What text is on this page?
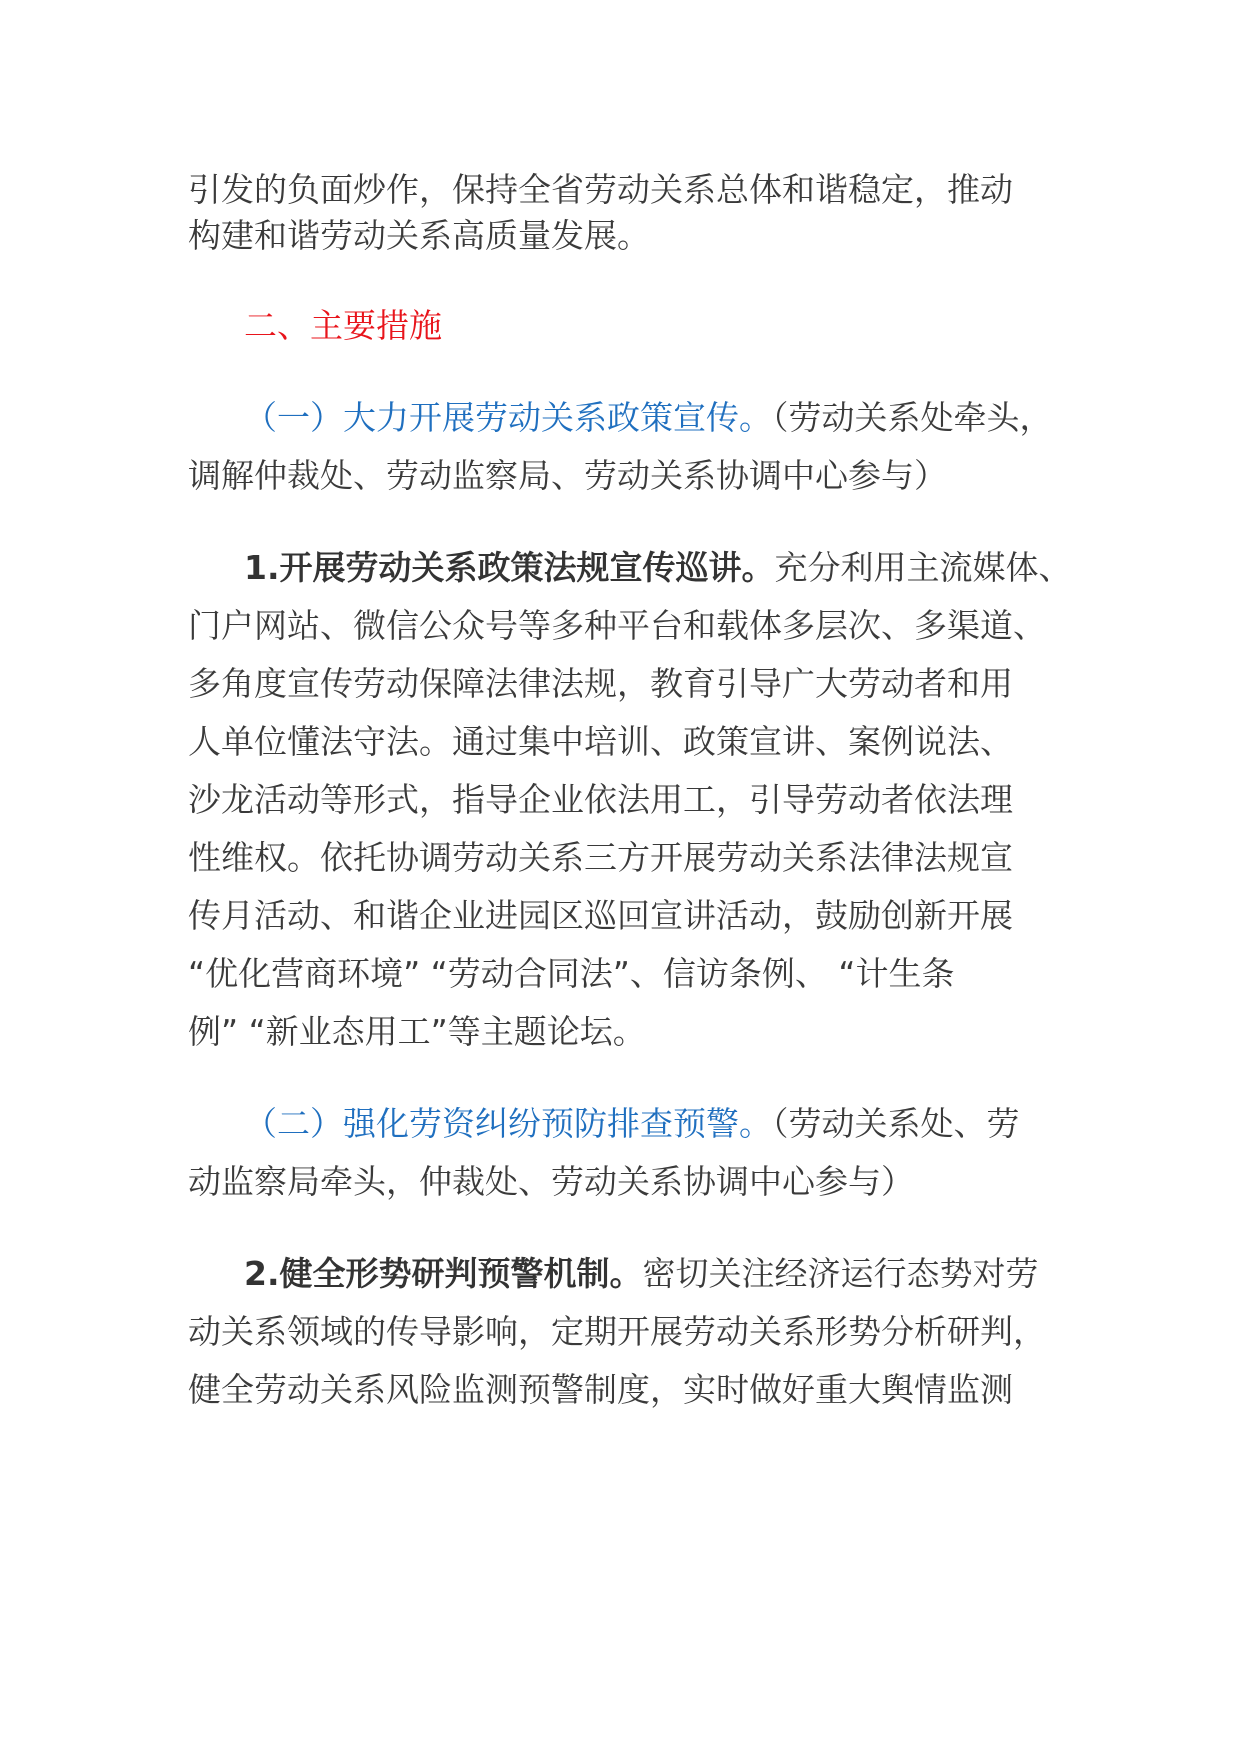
引发的负面炒作，保持全省劳动关系总体和谐稳定，推动
构建和谐劳动关系高质量发展。
二、主要措施
（一）大力开展劳动关系政策宣传。（劳动关系处牵头，
调解仲裁处、劳动监察局、劳动关系协调中心参与）
1.开展劳动关系政策法规宣传巡讲。充分利用主流媒体、
门户网站、微信公众号等多种平台和载体多层次、多渠道、
多角度宣传劳动保障法律法规，教育引导广大劳动者和用
人单位懂法守法。通过集中培训、政策宣讲、案例说法、
沙龙活动等形式，指导企业依法用工，引导劳动者依法理
性维权。依托协调劳动关系三方开展劳动关系法律法规宣
传月活动、和谐企业进园区巡回宣讲活动，鼓励创新开展
“优化营商环境” “劳动合同法”、信访条例、 “计生条
例” “新业态用工”等主题论坛。
（二）强化劳资纠纷预防排查预警。（劳动关系处、劳
动监察局牵头，仲裁处、劳动关系协调中心参与）
2.健全形势研判预警机制。密切关注经济运行态势对劳
动关系领域的传导影响，定期开展劳动关系形势分析研判，
健全劳动关系风险监测预警制度，实时做好重大舆情监测
